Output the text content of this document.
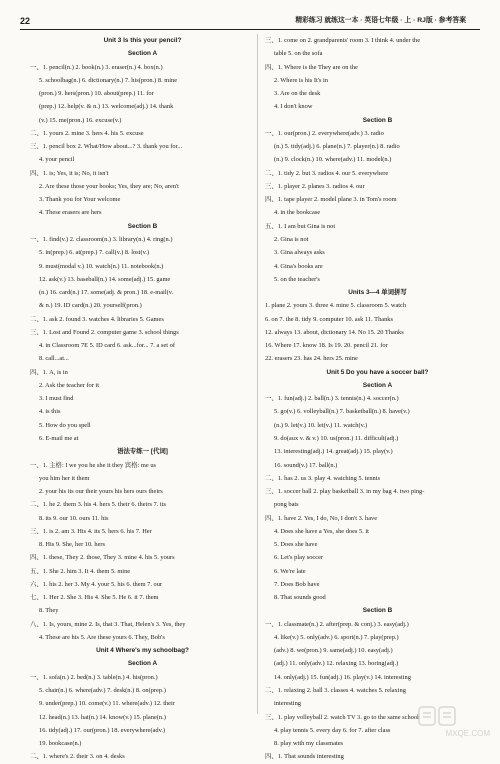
22	精彩练习 就练这一本 · 英语七年级 · 上 · RJ版 · 参考答案
Unit 3 Is this your pencil?
Section A
一、1. pencil(n.) 2. book(n.) 3. eraser(n.) 4. box(n.)
5. schoolbag(n.) 6. dictionary(n.) 7. his(pron.) 8. mine
(pron.) 9. hers(pron.) 10. about(prep.) 11. for
(prep.) 12. help(v. & n.) 13. welcome(adj.) 14. thank
(v.) 15. me(pron.) 16. excuse(v.)
二、1. yours 2. mine 3. hers 4. his 5. excuse
三、1. pencil box 2. What/How about...? 3. thank you for...
4. your pencil
四、1. is; Yes, it is; No, it isn't
2. Are these those your books; Yes, they are; No, aren't
3. Thank you for Your welcome
4. These erasers are hers
Section B
一、1. find(v.) 2. classroom(n.) 3. library(n.) 4. ring(n.)
5. in(prep.) 6. at(prep.) 7. call(v.) 8. lost(v.)
9. must(modal v.) 10. watch(n.) 11. notebook(n.)
12. ask(v.) 13. baseball(n.) 14. some(adj.) 15. game
(n.) 16. card(n.) 17. some(adj. & pron.) 18. e-mail(v.
& n.) 19. ID card(n.) 20. yourself(pron.)
二、1. ask 2. found 3. watches 4. libraries 5. Games
三、1. Lost and Found 2. computer game 3. school things
4. in Classroom 7E 5. ID card 6. ask...for... 7. a set of
8. call...at...
四、1. A, is in
2. Ask the teacher for it
3. I must find
4. is this
5. How do you spell
6. E-mail me at
语法专练一 [代词]
一、1. 主格: I we you he she it they 宾格: me us
you him her it them
2. your his its our their yours his hers ours theirs
二、1. he 2. them 3. his 4. hers 5. their 6. theirs 7. its
8. its 9. our 10. ours 11. his
三、1. is 2. am 3. His 4. its 5. hers 6. his 7. Her
8. His 9. She, her 10. hers
四、1. these, They 2. those, They 3. mine 4. his 5. yours
五、1. She 2. him 3. It 4. them 5. mine
六、1. his 2. her 3. My 4. your 5. his 6. them 7. our
七、1. Her 2. She 3. His 4. She 5. He 6. it 7. them
8. They
八、1. Is, yours, mine 2. Is, that 3. That, Helen's 3. Yes, they
4. These are his 5. Are these yours 6. They, Bob's
Unit 4 Where's my schoolbag?
Section A
一、1. sofa(n.) 2. bed(n.) 3. table(n.) 4. his(pron.)
5. chair(n.) 6. where(adv.) 7. desk(n.) 8. on(prep.)
9. under(prep.) 10. come(v.) 11. where(adv.) 12. their
12. head(n.) 13. hat(n.) 14. know(v.) 15. plane(n.)
16. tidy(adj.) 17. our(pron.) 18. everywhere(adv.)
19. bookcase(n.)
二、1. where's 2. their 3. on 4. desks
三、1. come on 2. grandparents' room 3. I think 4. under the
table 5. on the sofa
四、1. Where is the They are on the
2. Where is his It's in
3. Are on the desk
4. I don't know
Section B
一、1. our(pron.) 2. everywhere(adv.) 3. radio
(n.) 5. tidy(adj.) 6. plane(n.) 7. player(n.) 8. radio
(n.) 9. clock(n.) 10. where(adv.) 11. model(n.)
二、1. tidy 2. but 3. radios 4. our 5. everywhere
三、1. player 2. planes 3. radios 4. our
四、1. tape player 2. model plane 3. in Tom's room
4. in the bookcase
五、1. I am but Gina is not
2. Gina is not
3. Gina always asks
4. Gina's books are
5. on the teacher's
Units 3—4 单词拼写
1. plane 2. yours 3. three 4. mine 5. classroom 5. watch
6. on 7. the 8. tidy 9. computer 10. ask 11. Thanks
12. always 13. about, dictionary 14. No 15. 20 Thanks
16. Where 17. know 18. Is 19. 20. pencil 21. for
22. erasers 23. has 24. hers 25. mine
Unit 5 Do you have a soccer ball?
Section A
一、1. fun(adj.) 2. ball(n.) 3. tennis(n.) 4. soccer(n.)
5. go(v.) 6. volleyball(n.) 7. basketball(n.) 8. have(v.)
(n.) 9. let(v.) 10. let(v.) 11. watch(v.)
9. do(aux v. & v.) 10. us(pron.) 11. difficult(adj.)
13. interesting(adj.) 14. great(adj.) 15. play(v.)
16. sound(v.) 17. ball(n.)
二、1. has 2. us 3. play 4. watching 5. tennis
三、1. soccer ball 2. play basketball 3. in my bag 4. two ping-
pong bats
四、1. have 2. Yes, I do, No, I don't 3. have
4. Does she have a Yes, she does 5. it
5. Does she have
6. Let's play soccer
6. We're late
7. Does Bob have
8. That sounds good
Section B
一、1. classmate(n.) 2. after(prep. & conj.) 3. easy(adj.)
4. like(v.) 5. only(adv.) 6. sport(n.) 7. play(prep.)
(adv.) 8. we(pron.) 9. same(adj.) 10. easy(adj.)
(adj.) 11. only(adv.) 12. relaxing 13. boring(adj.)
14. only(adj.) 15. fun(adj.) 16. play(v.) 14. interesting
二、1. relaxing 2. ball 3. classes 4. watches 5. relaxing
interesting
三、1. play volleyball 2. watch TV 3. go to the same school
4. play tennis 5. every day 6. for 7. after class
8. play with my classmates
四、1. That sounds interesting
MXQE.COM
